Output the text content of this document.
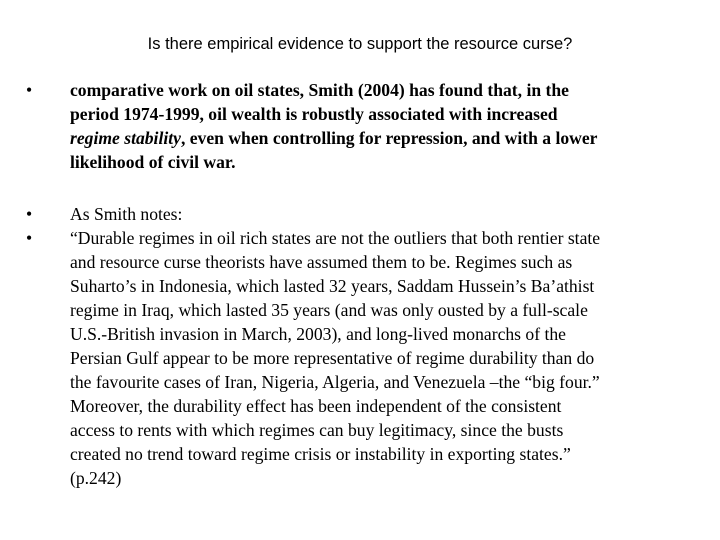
Is there empirical evidence to support the resource curse?
•	comparative work on oil states, Smith (2004) has found that, in the
period 1974-1999, oil wealth is robustly associated with increased
regime stability, even when controlling for repression, and with a lower
likelihood of civil war.
•	As Smith notes:
•	“Durable regimes in oil rich states are not the outliers that both rentier state
and resource curse theorists have assumed them to be. Regimes such as
Suharto’s in Indonesia, which lasted 32 years, Saddam Hussein’s Ba’athist
regime in Iraq, which lasted 35 years (and was only ousted by a full-scale
U.S.-British invasion in March, 2003), and long-lived monarchs of the
Persian Gulf appear to be more representative of regime durability than do
the favourite cases of Iran, Nigeria, Algeria, and Venezuela –the “big four.”
Moreover, the durability effect has been independent of the consistent
access to rents with which regimes can buy legitimacy, since the busts
created no trend toward regime crisis or instability in exporting states.”
(p.242)
